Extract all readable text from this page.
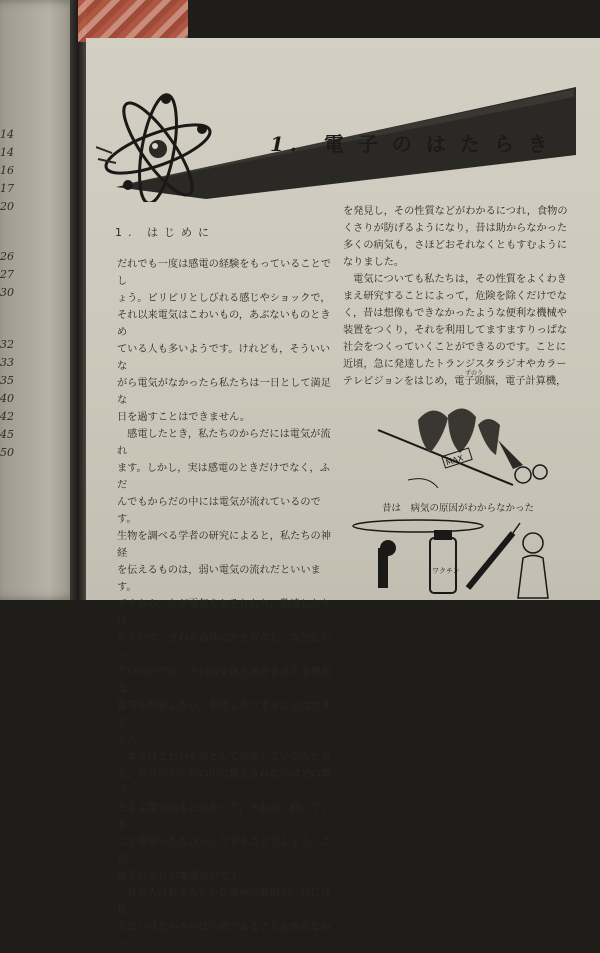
14
14
16
17
20
26
27
30
32
33
35
40
42
45
50
1. 電子のはたらき
1. はじめに

だれでも一度は感電の経験をもっていることでし

ょう。ピリピリとしびれる感じやショックで，

それ以来電気はこわいもの，あぶないものときめ

ている人も多いようです。けれども，そういいな

がら電気がなかったら私たちは一日として満足な

日を過すことはできません。

　感電したとき，私たちのからだには電気が流れ

ます。しかし，実は感電のときだけでなく，ふだ

んでもからだの中には電気が流れているのです。

生物を調べる学者の研究によると，私たちの神経

を伝えるものは，弱い電気の流れだといいます。

ですから，ただ電気をおそれたり，敬遠したりば

かりいて「さわらぬ神にたたりなし」などといっ

ていたのでは，今日の文化生活をささえる便利な

電気を理解したり，利用したりすることはできま

せん。

　電気はこわいものとして敬遠していた人たち

も，自分のからだの中に数えきれないほどの電子

とよぶ電気のもとがあって，それが，動いている

ことを知ったらびっくりすることでしょう。この

電子の流れが電流なのです。

　昔の人はおそろしい伝染病の原因が，目には見

えないほど小さいばい菌であることを知らなかっ

を発見し，その性質などがわかるにつれ，食物の

くさりが防げるようになり，昔は助からなかった

多くの病気も，さほどおそれなくともすむように

なりました。

　電気についても私たちは，その性質をよくわき

まえ研究することによって，危険を除くだけでな

く，昔は想像もできなかったような便利な機械や

装置をつくり，それを利用してますますりっぱな

社会をつくっていくことができるのです。ことに

近頃，急に発達したトランジスタラジオやカラー

テレビジョンをはじめ，電子頭脳，電子計算機，

ずのう
MAX
昔は　病気の原因がわからなかった
ワクチン
